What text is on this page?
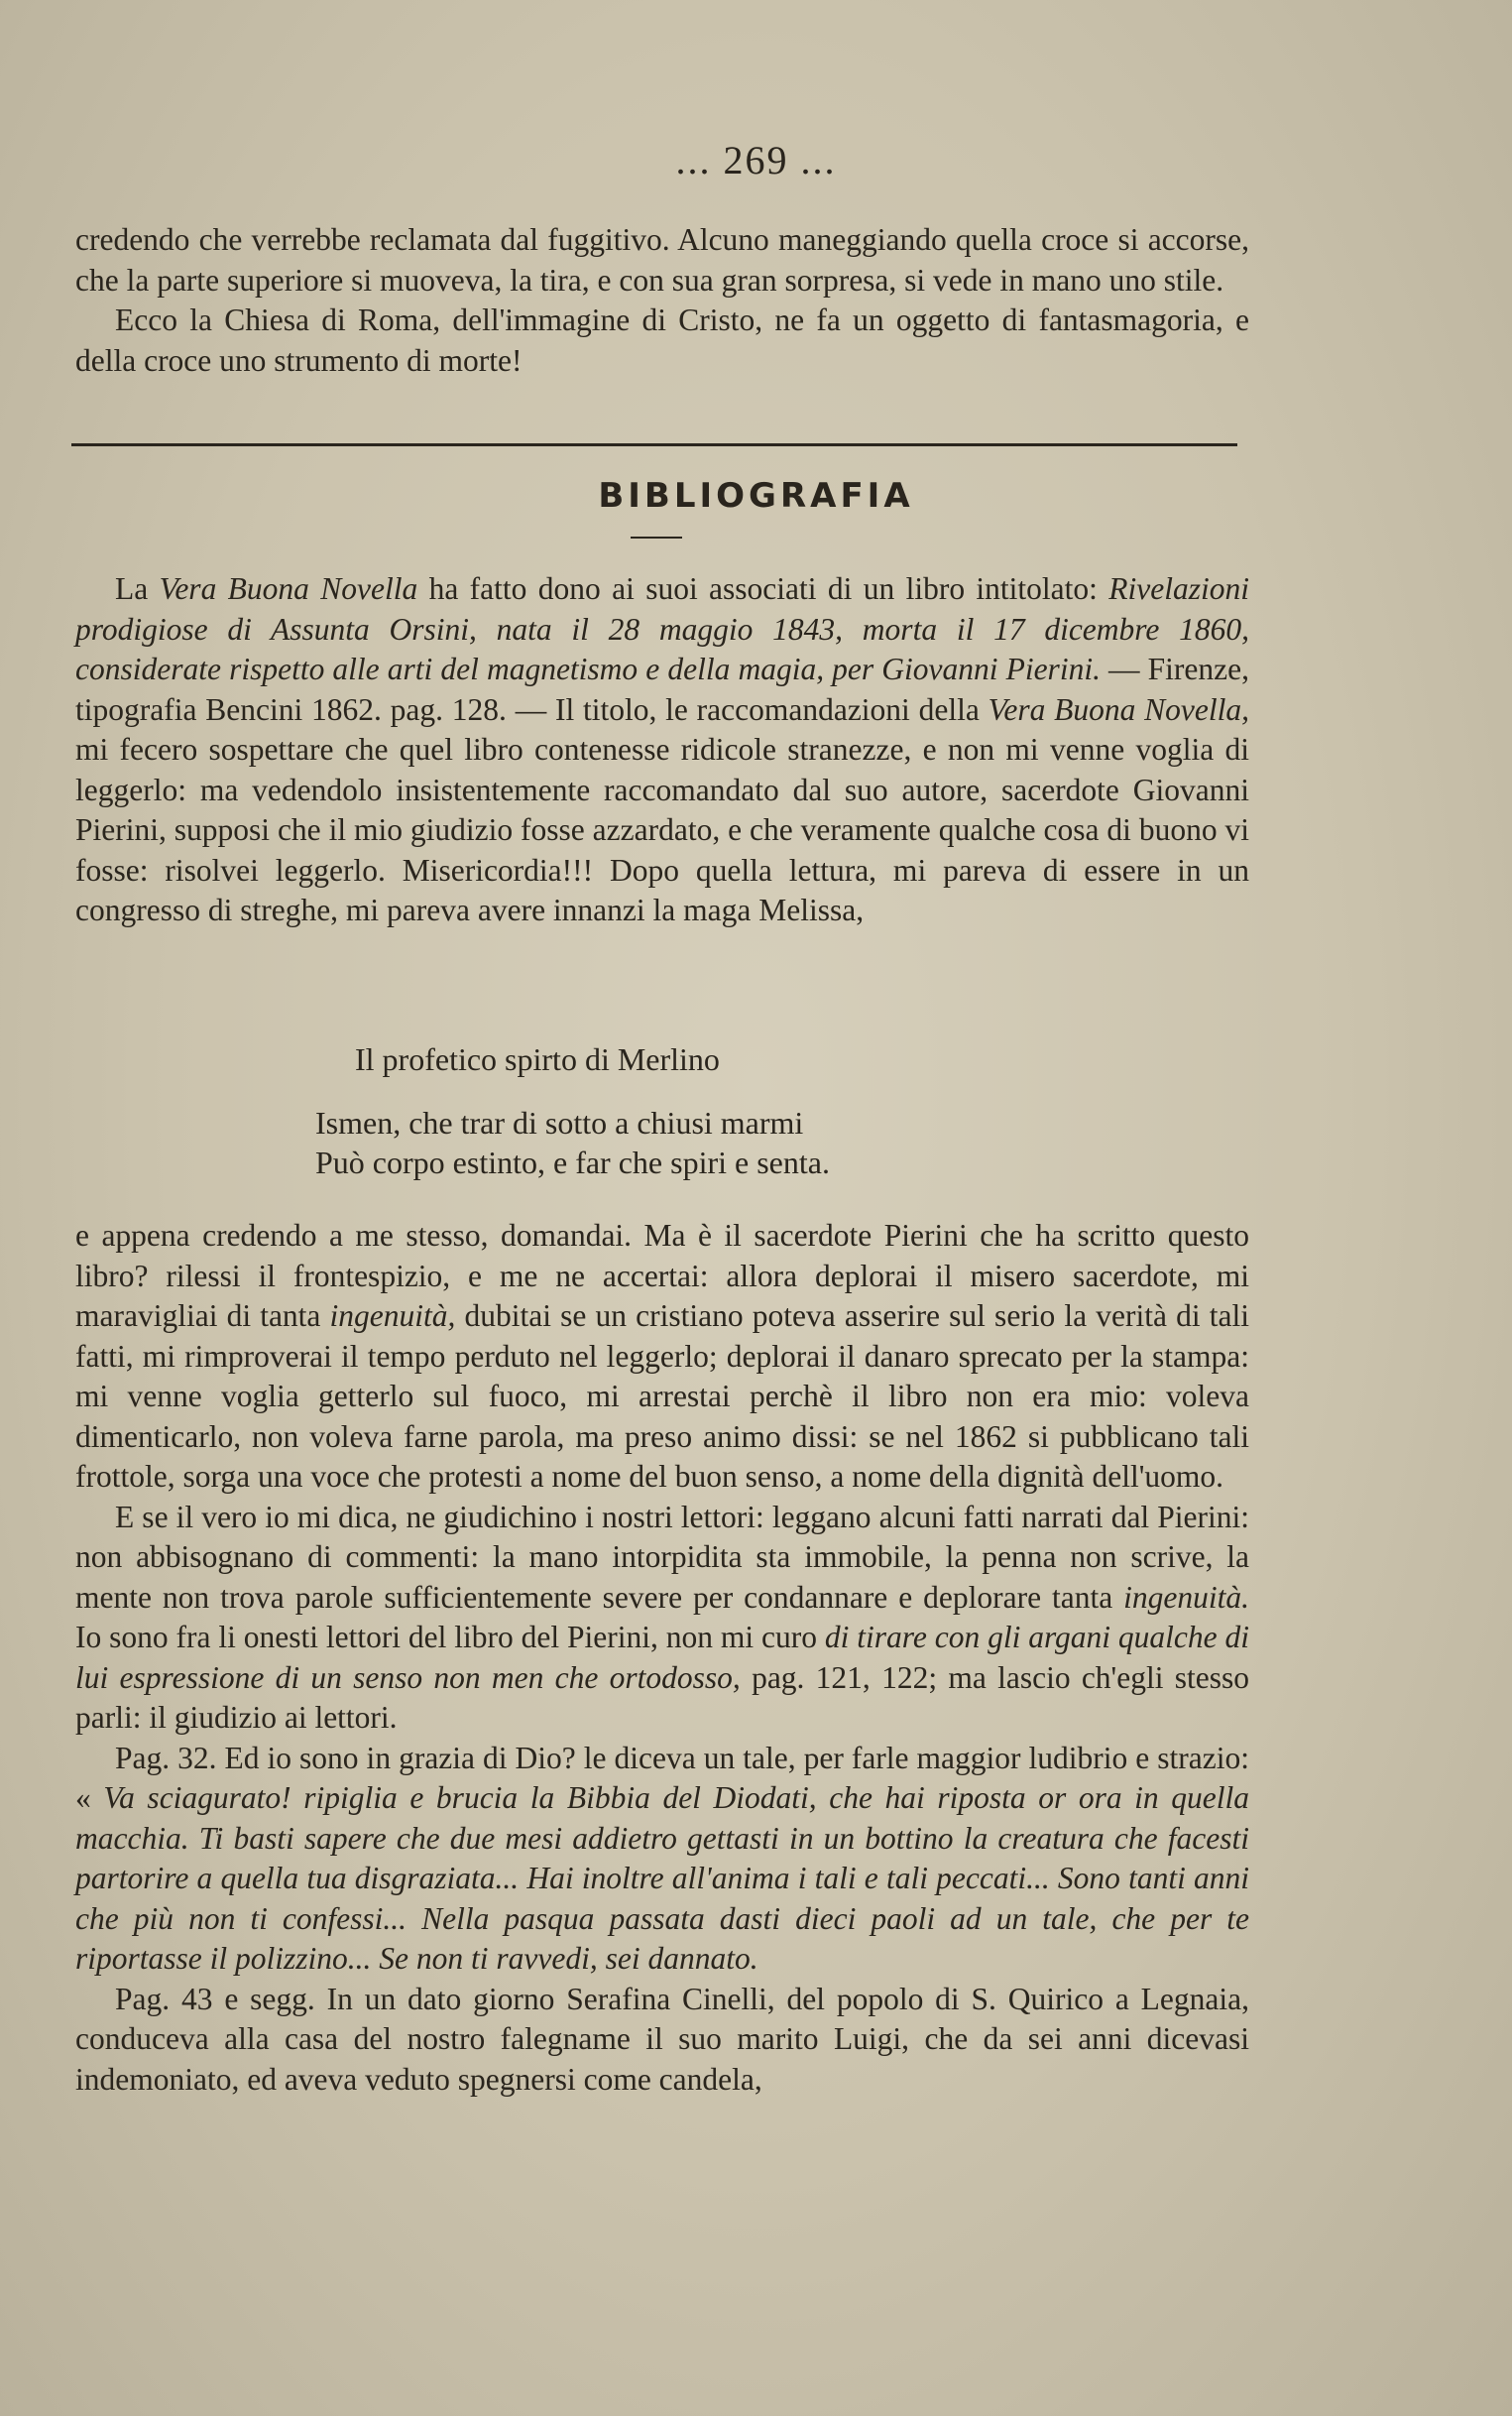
... 269 ...

credendo che verrebbe reclamata dal fuggitivo. Alcuno maneggiando quella croce si accorse, che la parte superiore si muoveva, la tira, e con sua gran sorpresa, si vede in mano uno stile.

Ecco la Chiesa di Roma, dell'immagine di Cristo, ne fa un oggetto di fantasmagoria, e della croce uno strumento di morte!

BIBLIOGRAFIA

La Vera Buona Novella ha fatto dono ai suoi associati di un libro intitolato: Rivelazioni prodigiose di Assunta Orsini, nata il 28 maggio 1843, morta il 17 dicembre 1860, considerate rispetto alle arti del magnetismo e della magia, per Giovanni Pierini. — Firenze, tipografia Bencini 1862. pag. 128. — Il titolo, le raccomandazioni della Vera Buona Novella, mi fecero sospettare che quel libro contenesse ridicole stranezze, e non mi venne voglia di leggerlo: ma vedendolo insistentemente raccomandato dal suo autore, sacerdote Giovanni Pierini, supposi che il mio giudizio fosse azzardato, e che veramente qualche cosa di buono vi fosse: risolvei leggerlo. Misericordia!!! Dopo quella lettura, mi pareva di essere in un congresso di streghe, mi pareva avere innanzi la maga Melissa,

Il profetico spirto di Merlino
Ismen, che trar di sotto a chiusi marmi
Può corpo estinto, e far che spiri e senta.

e appena credendo a me stesso, domandai. Ma è il sacerdote Pierini che ha scritto questo libro? rilessi il frontespizio, e me ne accertai: allora deplorai il misero sacerdote, mi maravigliai di tanta ingenuità, dubitai se un cristiano poteva asserire sul serio la verità di tali fatti, mi rimproverai il tempo perduto nel leggerlo; deplorai il danaro sprecato per la stampa: mi venne voglia getterlo sul fuoco, mi arrestai perchè il libro non era mio: voleva dimenticarlo, non voleva farne parola, ma preso animo dissi: se nel 1862 si pubblicano tali frottole, sorga una voce che protesti a nome del buon senso, a nome della dignità dell'uomo.

E se il vero io mi dica, ne giudichino i nostri lettori: leggano alcuni fatti narrati dal Pierini: non abbisognano di commenti: la mano intorpidita sta immobile, la penna non scrive, la mente non trova parole sufficientemente severe per condannare e deplorare tanta ingenuità. Io sono fra li onesti lettori del libro del Pierini, non mi curo di tirare con gli argani qualche di lui espressione di un senso non men che ortodosso, pag. 121, 122; ma lascio ch'egli stesso parli: il giudizio ai lettori.

Pag. 32. Ed io sono in grazia di Dio? le diceva un tale, per farle maggior ludibrio e strazio: « Va sciagurato! ripiglia e brucia la Bibbia del Diodati, che hai riposta or ora in quella macchia. Ti basti sapere che due mesi addietro gettasti in un bottino la creatura che facesti partorire a quella tua disgraziata... Hai inoltre all'anima i tali e tali peccati... Sono tanti anni che più non ti confessi... Nella pasqua passata dasti dieci paoli ad un tale, che per te riportasse il polizzino... Se non ti ravvedi, sei dannato.

Pag. 43 e segg. In un dato giorno Serafina Cinelli, del popolo di S. Quirico a Legnaia, conduceva alla casa del nostro falegname il suo marito Luigi, che da sei anni dicevasi indemoniato, ed aveva veduto spegnersi come candela,
